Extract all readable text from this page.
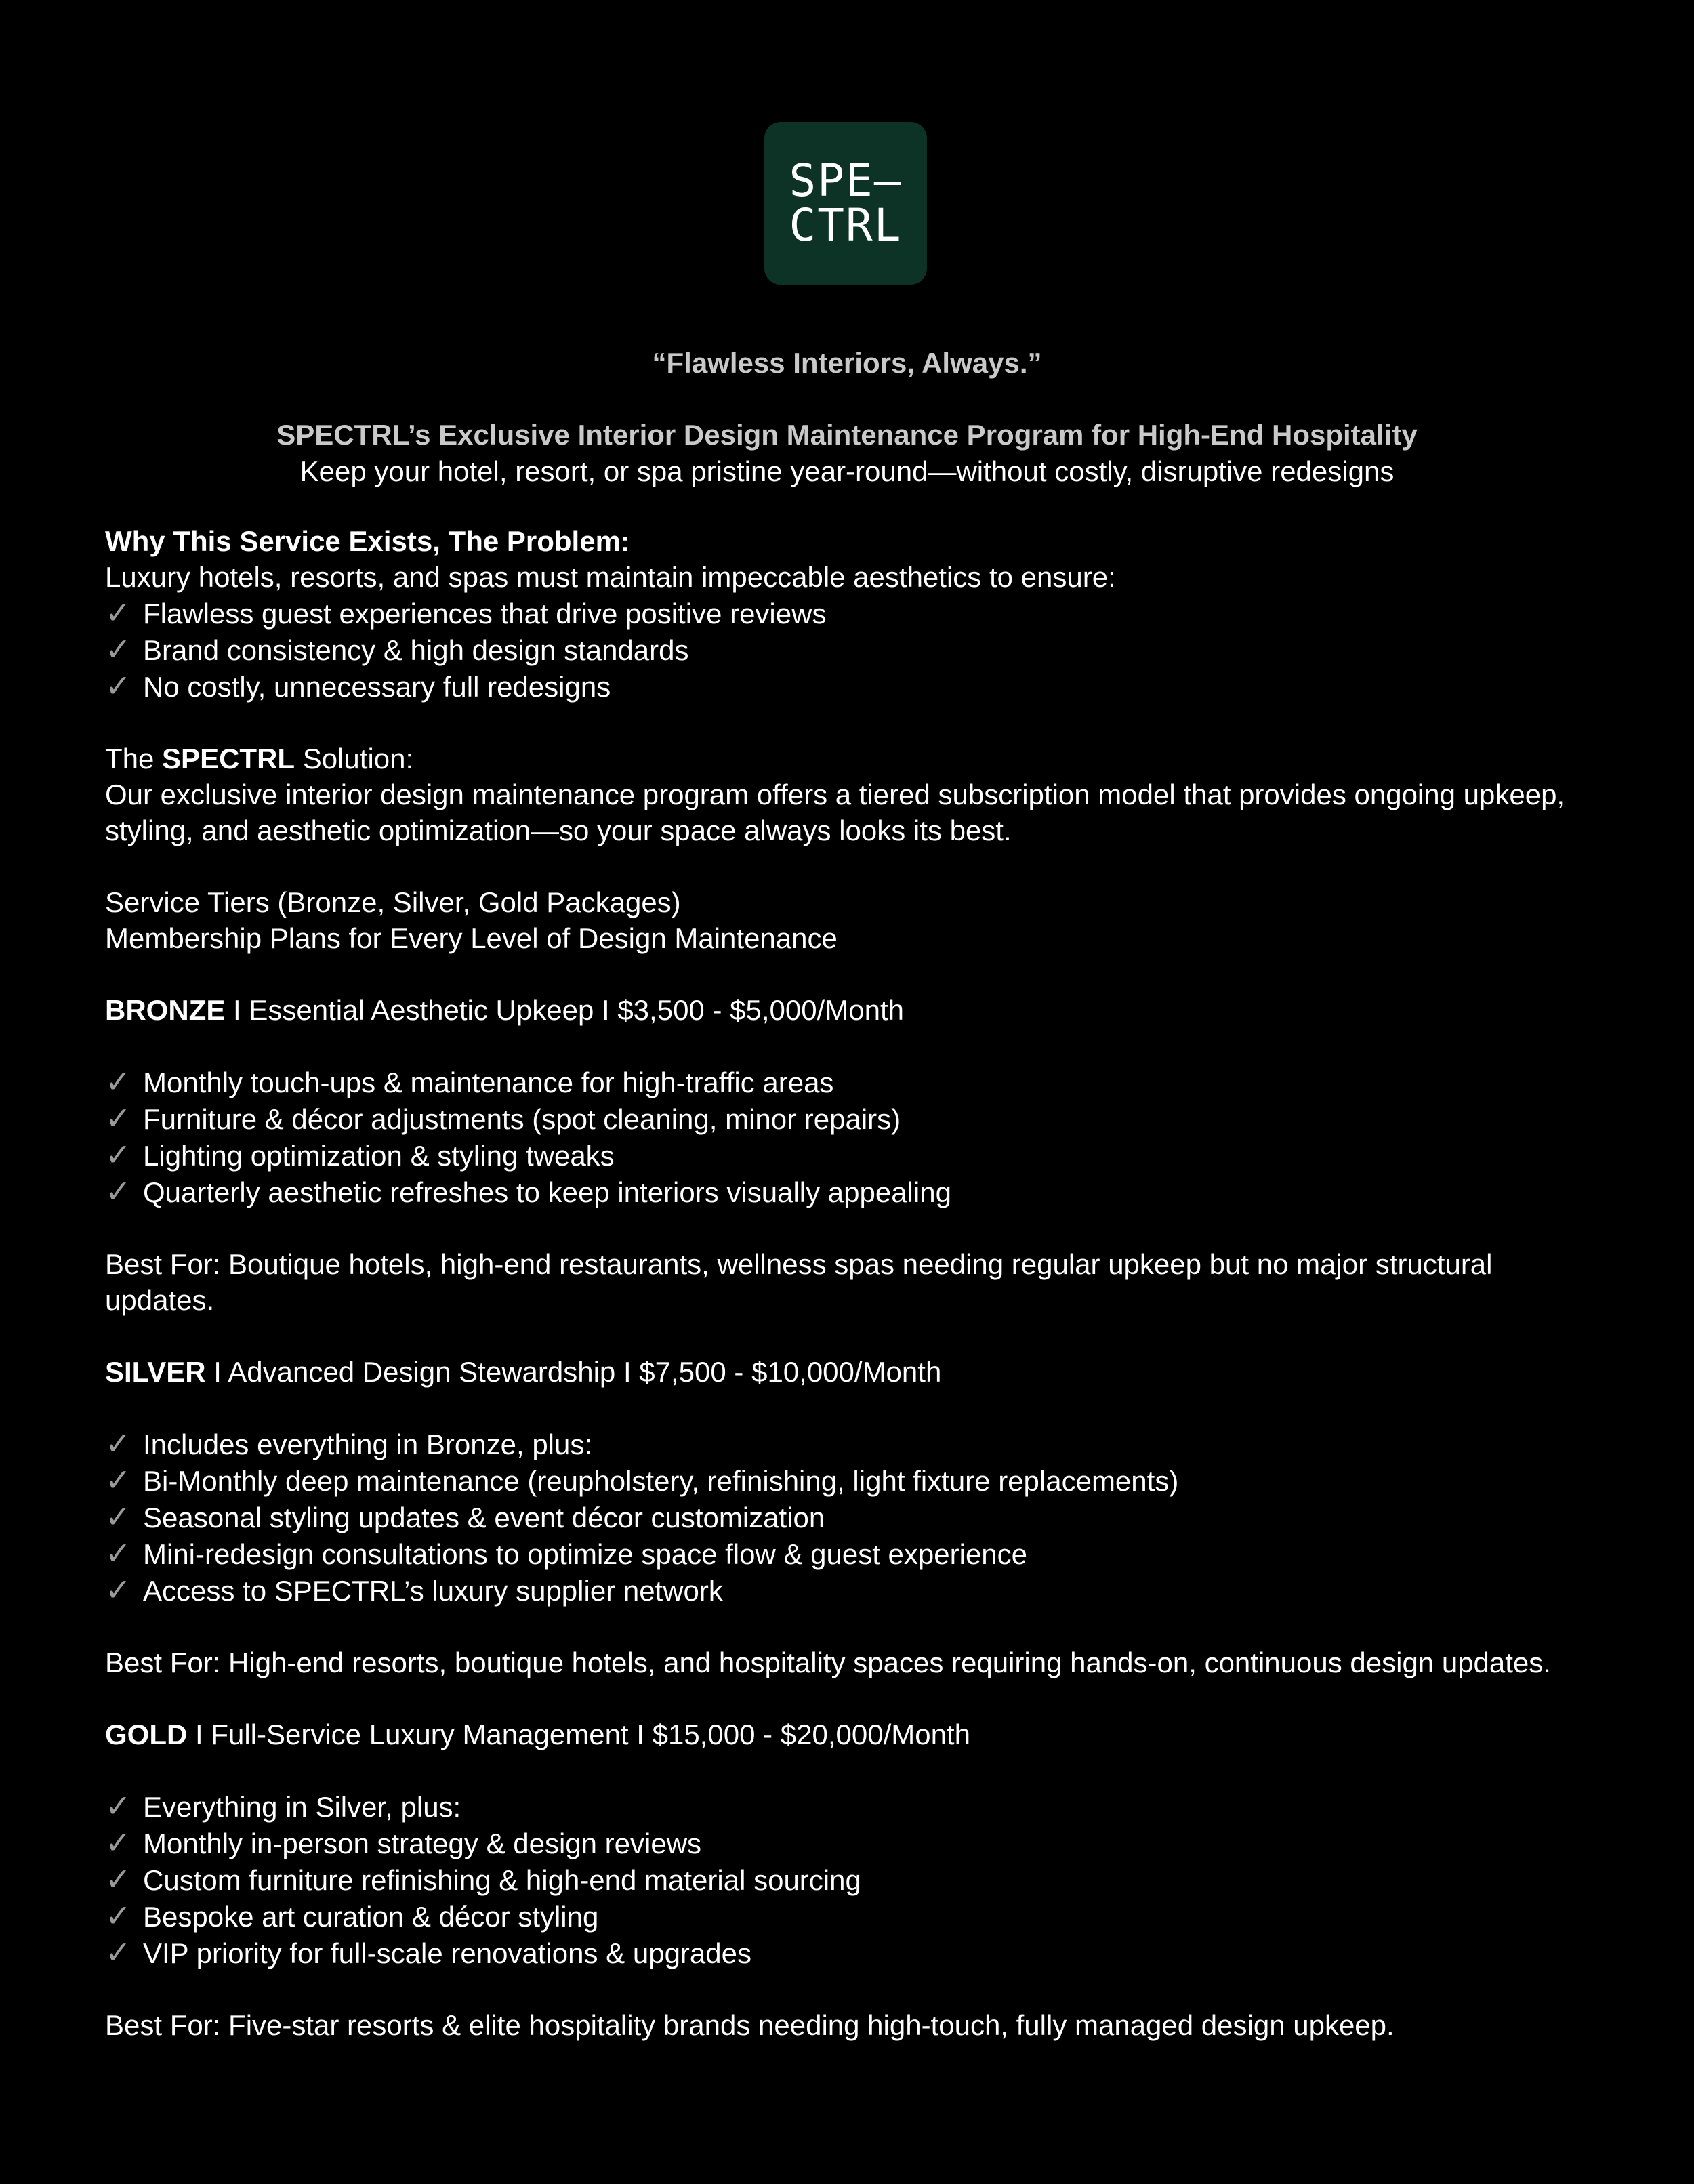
SPE–
CTRL
“Flawless Interiors, Always.”
SPECTRL’s Exclusive Interior Design Maintenance Program for High-End Hospitality
Keep your hotel, resort, or spa pristine year-round—without costly, disruptive redesigns
Why This Service Exists, The Problem:
Luxury hotels, resorts, and spas must maintain impeccable aesthetics to ensure:
✓ Flawless guest experiences that drive positive reviews
✓ Brand consistency & high design standards
✓ No costly, unnecessary full redesigns
The SPECTRL Solution:
Our exclusive interior design maintenance program offers a tiered subscription model that provides ongoing upkeep, styling, and aesthetic optimization—so your space always looks its best.
Service Tiers (Bronze, Silver, Gold Packages)
Membership Plans for Every Level of Design Maintenance
BRONZE I Essential Aesthetic Upkeep I $3,500 - $5,000/Month
✓ Monthly touch-ups & maintenance for high-traffic areas
✓ Furniture & décor adjustments (spot cleaning, minor repairs)
✓ Lighting optimization & styling tweaks
✓ Quarterly aesthetic refreshes to keep interiors visually appealing
Best For: Boutique hotels, high-end restaurants, wellness spas needing regular upkeep but no major structural updates.
SILVER I Advanced Design Stewardship I $7,500 - $10,000/Month
✓ Includes everything in Bronze, plus:
✓ Bi-Monthly deep maintenance (reupholstery, refinishing, light fixture replacements)
✓ Seasonal styling updates & event décor customization
✓ Mini-redesign consultations to optimize space flow & guest experience
✓ Access to SPECTRL’s luxury supplier network
Best For: High-end resorts, boutique hotels, and hospitality spaces requiring hands-on, continuous design updates.
GOLD I Full-Service Luxury Management I $15,000 - $20,000/Month
✓ Everything in Silver, plus:
✓ Monthly in-person strategy & design reviews
✓ Custom furniture refinishing & high-end material sourcing
✓ Bespoke art curation & décor styling
✓ VIP priority for full-scale renovations & upgrades
Best For: Five-star resorts & elite hospitality brands needing high-touch, fully managed design upkeep.
